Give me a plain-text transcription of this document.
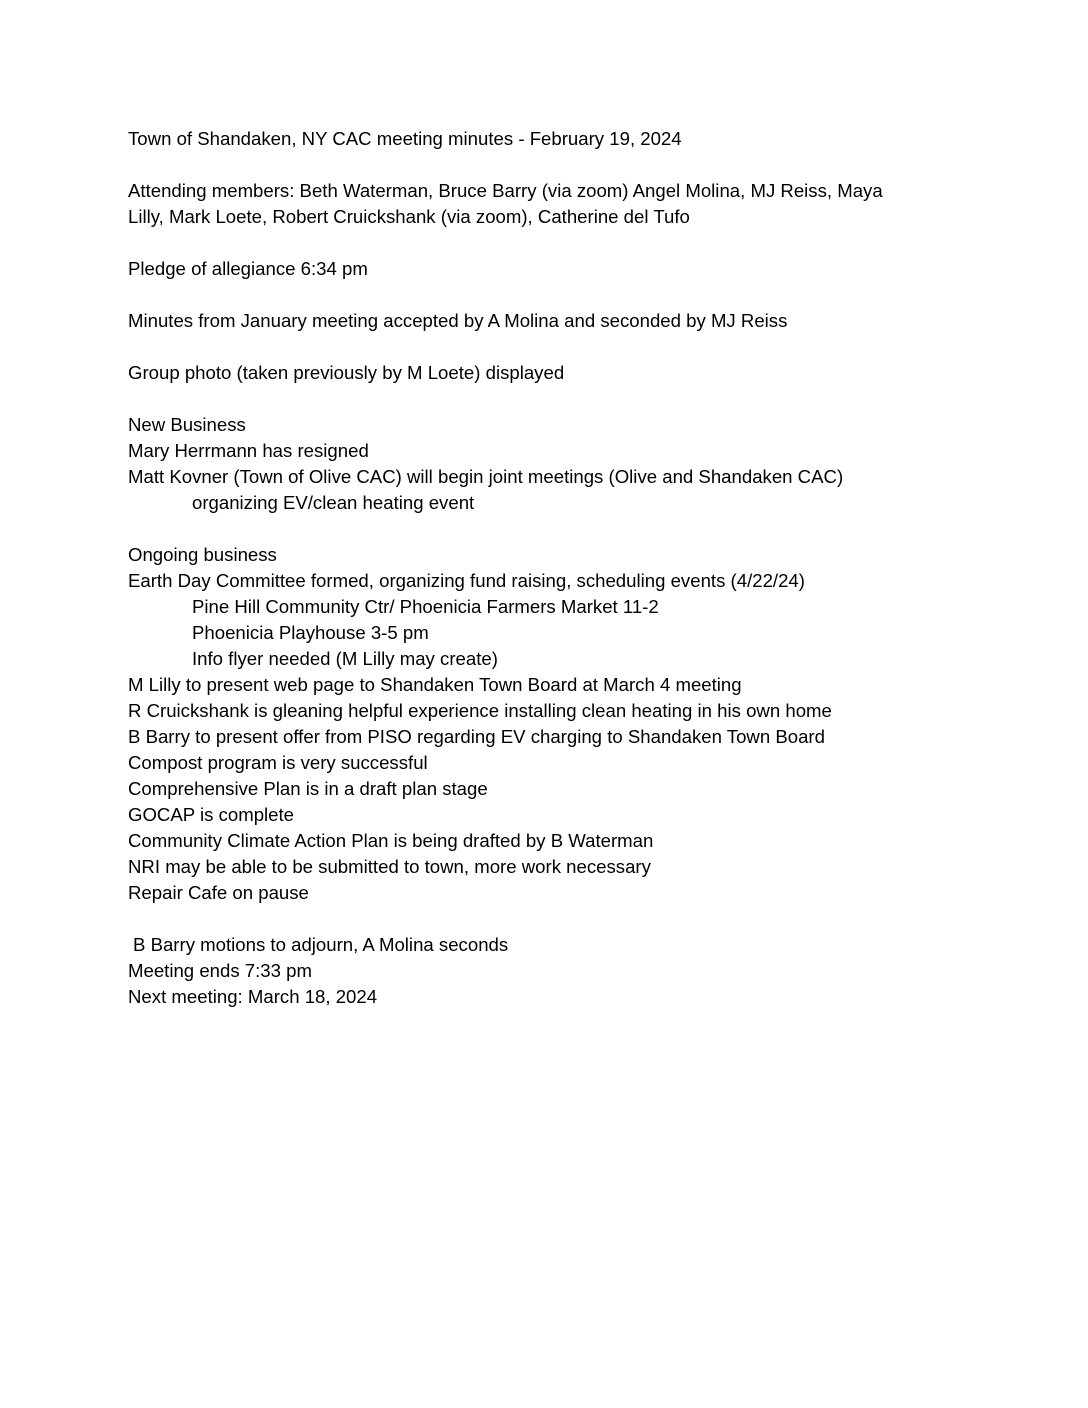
Town of Shandaken, NY CAC meeting minutes - February 19, 2024
Attending members: Beth Waterman, Bruce Barry (via zoom) Angel Molina, MJ Reiss, Maya
Lilly, Mark Loete, Robert Cruickshank (via zoom), Catherine del Tufo
Pledge of allegiance 6:34 pm
Minutes from January meeting accepted by A Molina and seconded by MJ Reiss
Group photo (taken previously by M Loete) displayed
New Business
Mary Herrmann has resigned
Matt Kovner (Town of Olive CAC) will begin joint meetings (Olive and Shandaken CAC)
organizing EV/clean heating event
Ongoing business
Earth Day Committee formed, organizing fund raising, scheduling events (4/22/24)
Pine Hill Community Ctr/ Phoenicia Farmers Market 11-2
Phoenicia Playhouse 3-5 pm
Info flyer needed (M Lilly may create)
M Lilly to present web page to Shandaken Town Board at March 4 meeting
R Cruickshank is gleaning helpful experience installing clean heating in his own home
B Barry to present offer from PISO regarding EV charging to Shandaken Town Board
Compost program is very successful
Comprehensive Plan is in a draft plan stage
GOCAP is complete
Community Climate Action Plan is being drafted by B Waterman
NRI may be able to be submitted to town, more work necessary
Repair Cafe on pause
B Barry motions to adjourn, A Molina seconds
Meeting ends 7:33 pm
Next meeting: March 18, 2024
